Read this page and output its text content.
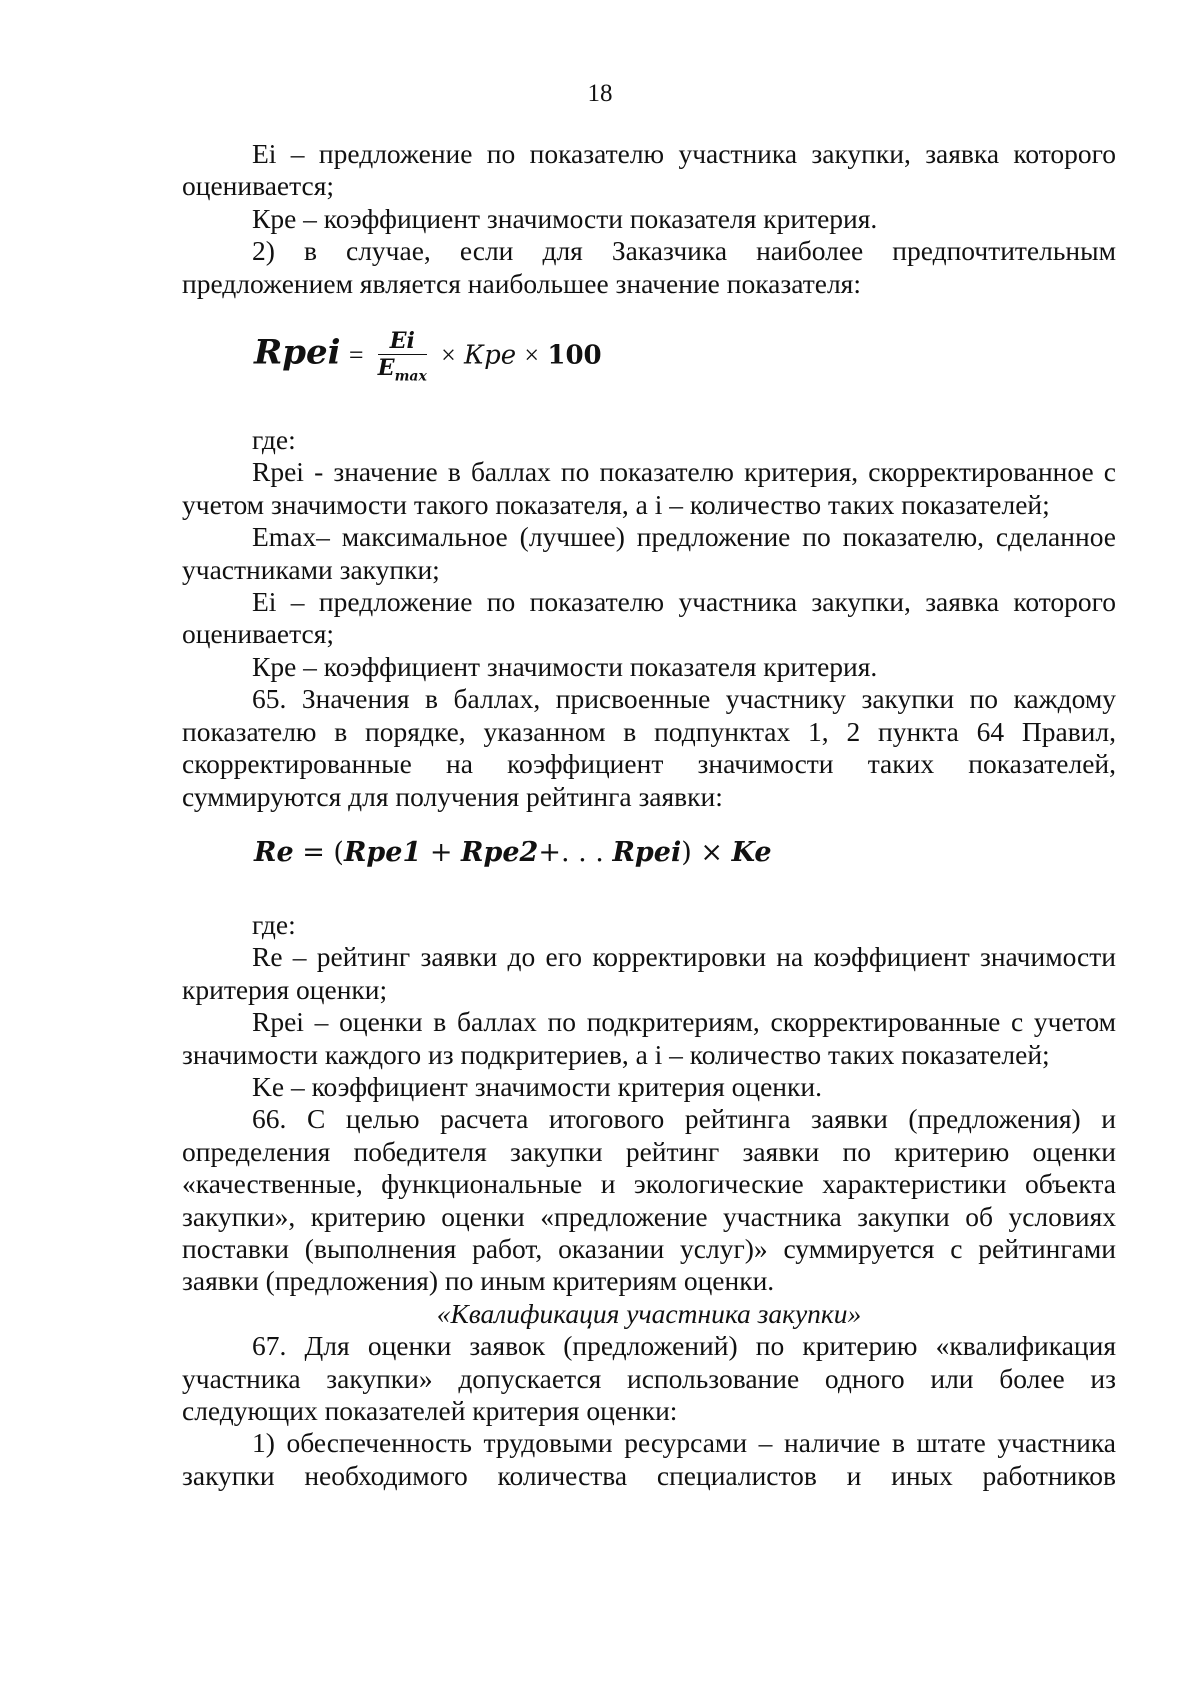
18

Ei – предложение по показателю участника закупки, заявка которого оценивается;

Кре – коэффициент значимости показателя критерия.

2) в случае, если для Заказчика наиболее предпочтительным предложением является наибольшее значение показателя:

Rpei = $\frac{Ei}{E_{max}}$ × Кре × 100

где:

Rpei - значение в баллах по показателю критерия, скорректированное с учетом значимости такого показателя, а i – количество таких показателей;

Emax– максимальное (лучшее) предложение по показателю, сделанное участниками закупки;

Ei – предложение по показателю участника закупки, заявка которого оценивается;

Кре – коэффициент значимости показателя критерия.

65. Значения в баллах, присвоенные участнику закупки по каждому показателю в порядке, указанном в подпунктах 1, 2 пункта 64 Правил, скорректированные на коэффициент значимости таких показателей, суммируются для получения рейтинга заявки:

Re = (Rpe1 + Rpe2+. . . Rpei) × Ke

где:

Re – рейтинг заявки до его корректировки на коэффициент значимости критерия оценки;

Rpei – оценки в баллах по подкритериям, скорректированные с учетом значимости каждого из подкритериев, а i – количество таких показателей;

Ke – коэффициент значимости критерия оценки.

66. С целью расчета итогового рейтинга заявки (предложения) и определения победителя закупки рейтинг заявки по критерию оценки «качественные, функциональные и экологические характеристики объекта закупки», критерию оценки «предложение участника закупки об условиях поставки (выполнения работ, оказании услуг)» суммируется с рейтингами заявки (предложения) по иным критериям оценки.

«Квалификация участника закупки»

67. Для оценки заявок (предложений) по критерию «квалификация участника закупки» допускается использование одного или более из следующих показателей критерия оценки:

1) обеспеченность трудовыми ресурсами – наличие в штате участника закупки необходимого количества специалистов и иных работников
